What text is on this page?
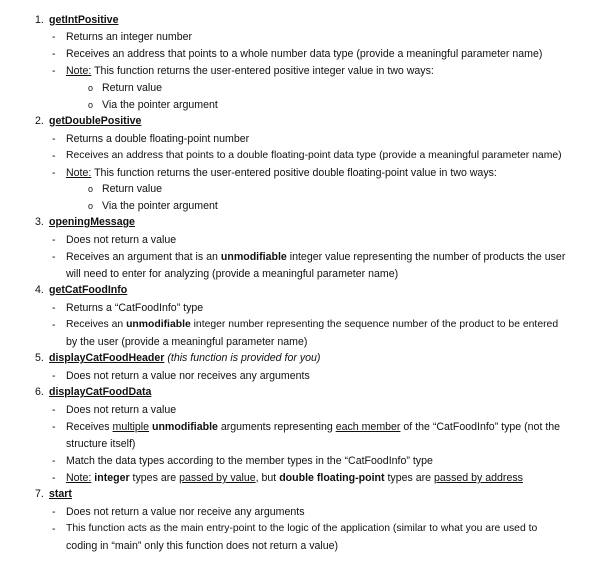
1. getIntPositive
- Returns an integer number
- Receives an address that points to a whole number data type (provide a meaningful parameter name)
- Note: This function returns the user-entered positive integer value in two ways:
o Return value
o Via the pointer argument
2. getDoublePositive
- Returns a double floating-point number
- Receives an address that points to a double floating-point data type (provide a meaningful parameter name)
- Note: This function returns the user-entered positive double floating-point value in two ways:
o Return value
o Via the pointer argument
3. openingMessage
- Does not return a value
- Receives an argument that is an unmodifiable integer value representing the number of products the user
will need to enter for analyzing (provide a meaningful parameter name)
4. getCatFoodInfo
- Returns a “CatFoodInfo” type
- Receives an unmodifiable integer number representing the sequence number of the product to be entered
by the user (provide a meaningful parameter name)
5. displayCatFoodHeader (this function is provided for you)
- Does not return a value nor receives any arguments
6. displayCatFoodData
- Does not return a value
- Receives multiple unmodifiable arguments representing each member of the “CatFoodInfo” type (not the
structure itself)
- Match the data types according to the member types in the “CatFoodInfo” type
- Note: integer types are passed by value, but double floating-point types are passed by address
7. start
- Does not return a value nor receive any arguments
- This function acts as the main entry-point to the logic of the application (similar to what you are used to
coding in “main” only this function does not return a value)
